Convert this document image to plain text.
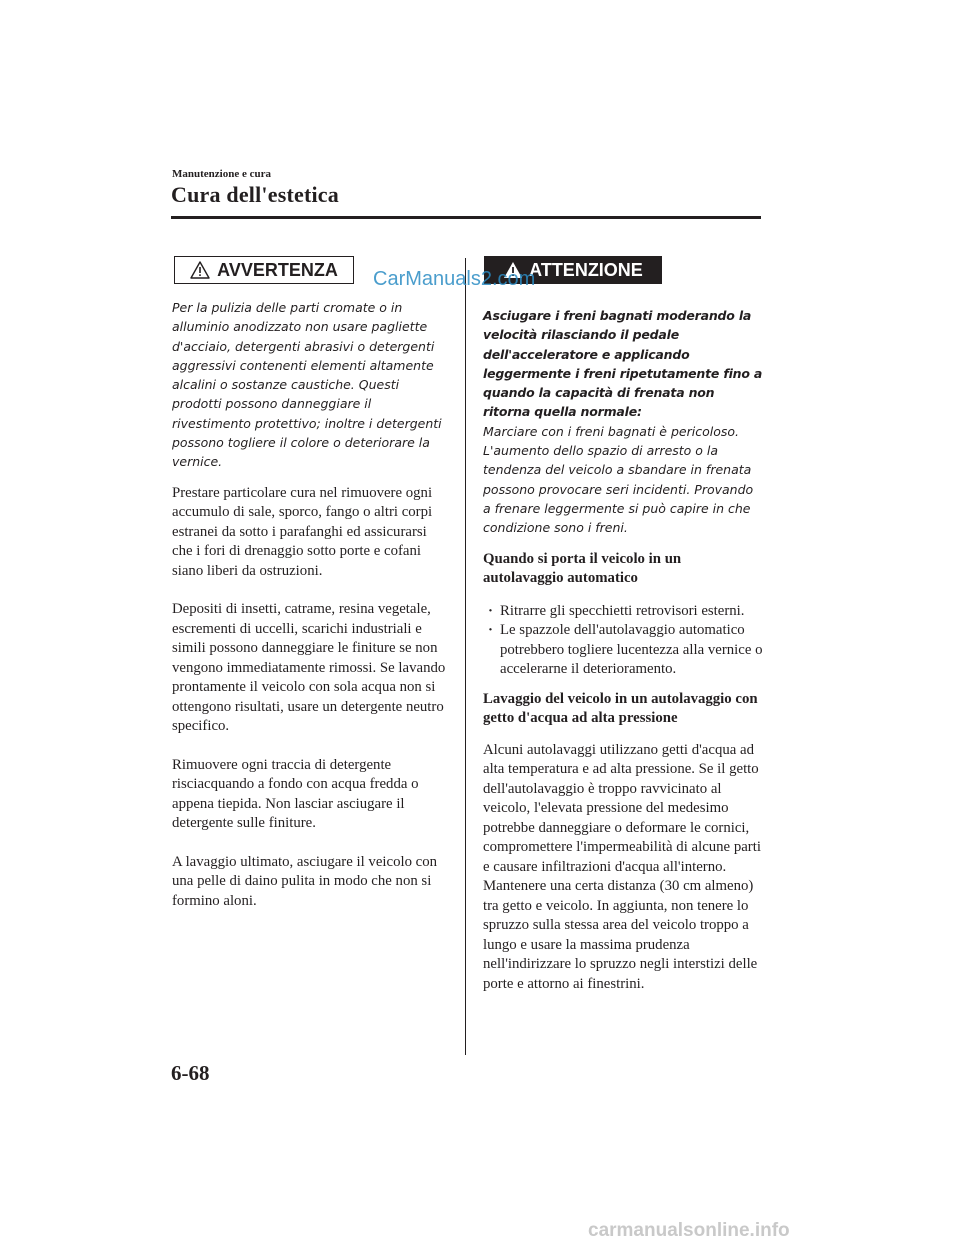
Manutenzione e cura
Cura dell'estetica
AVVERTENZA

Per la pulizia delle parti cromate o in alluminio anodizzato non usare pagliette d'acciaio, detergenti abrasivi o detergenti aggressivi contenenti elementi altamente alcalini o sostanze caustiche. Questi prodotti possono danneggiare il rivestimento protettivo; inoltre i detergenti possono togliere il colore o deteriorare la vernice.

Prestare particolare cura nel rimuovere ogni accumulo di sale, sporco, fango o altri corpi estranei da sotto i parafanghi ed assicurarsi che i fori di drenaggio sotto porte e cofani siano liberi da ostruzioni.

Depositi di insetti, catrame, resina vegetale, escrementi di uccelli, scarichi industriali e simili possono danneggiare le finiture se non vengono immediatamente rimossi. Se lavando prontamente il veicolo con sola acqua non si ottengono risultati, usare un detergente neutro specifico.

Rimuovere ogni traccia di detergente risciacquando a fondo con acqua fredda o appena tiepida. Non lasciar asciugare il detergente sulle finiture.

A lavaggio ultimato, asciugare il veicolo con una pelle di daino pulita in modo che non si formino aloni.

ATTENZIONE

Asciugare i freni bagnati moderando la velocità rilasciando il pedale dell'acceleratore e applicando leggermente i freni ripetutamente fino a quando la capacità di frenata non ritorna quella normale:

Marciare con i freni bagnati è pericoloso. L'aumento dello spazio di arresto o la tendenza del veicolo a sbandare in frenata possono provocare seri incidenti. Provando a frenare leggermente si può capire in che condizione sono i freni.

Quando si porta il veicolo in un autolavaggio automatico

· Ritrarre gli specchietti retrovisori esterni.
· Le spazzole dell'autolavaggio automatico potrebbero togliere lucentezza alla vernice o accelerarne il deterioramento.

Lavaggio del veicolo in un autolavaggio con getto d'acqua ad alta pressione

Alcuni autolavaggi utilizzano getti d'acqua ad alta temperatura e ad alta pressione. Se il getto dell'autolavaggio è troppo ravvicinato al veicolo, l'elevata pressione del medesimo potrebbe danneggiare o deformare le cornici, compromettere l'impermeabilità di alcune parti e causare infiltrazioni d'acqua all'interno. Mantenere una certa distanza (30 cm almeno) tra getto e veicolo. In aggiunta, non tenere lo spruzzo sulla stessa area del veicolo troppo a lungo e usare la massima prudenza nell'indirizzare lo spruzzo negli interstizi delle porte e attorno ai finestrini.

CarManuals2.com
6-68
carmanualsonline.info
